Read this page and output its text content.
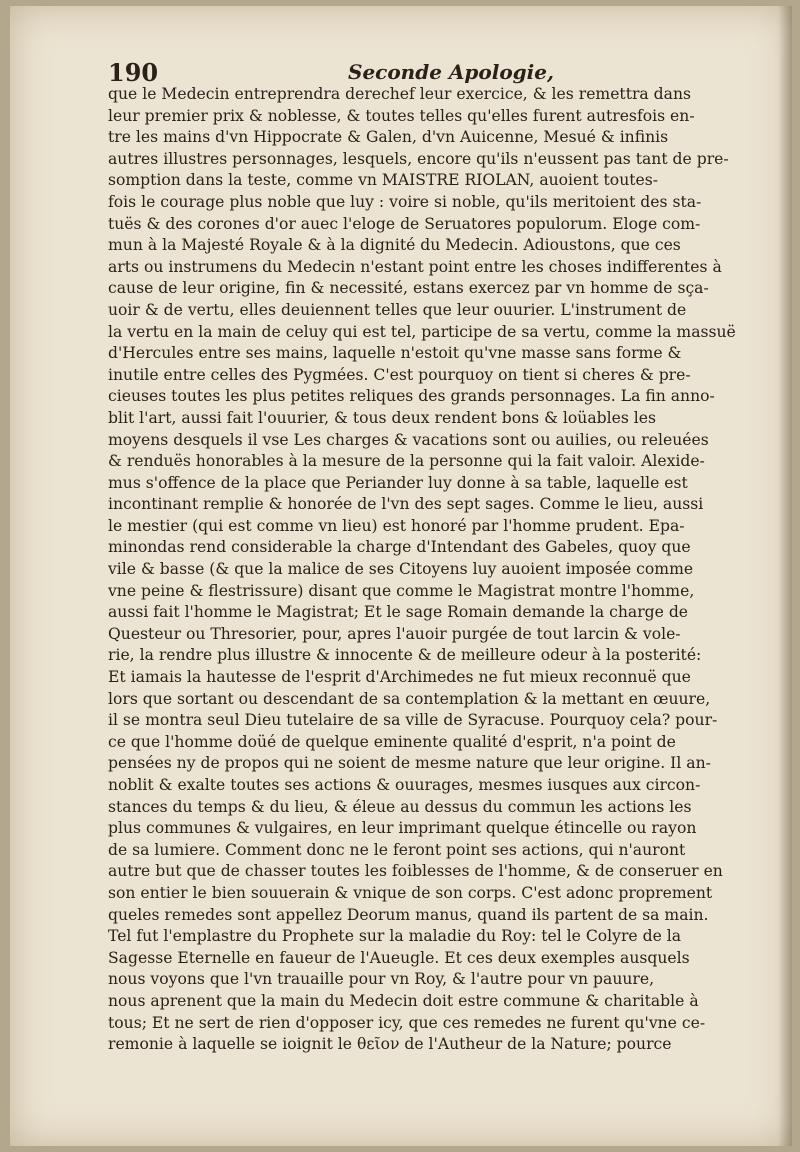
190	Seconde Apologie,
que le Medecin entreprendra derechef leur exercice, & les remettra dans
leur premier prix & noblesse, & toutes telles qu'elles furent autresfois en-
tre les mains d'vn Hippocrate & Galen, d'vn Auicenne, Mesué & infinis
autres illustres personnages, lesquels, encore qu'ils n'eussent pas tant de pre-
somption dans la teste, comme vn MAISTRE RIOLAN, auoient toutes-
fois le courage plus noble que luy : voire si noble, qu'ils meritoient des sta-
tuës & des corones d'or auec l'eloge de Seruatores populorum. Eloge com-
mun à la Majesté Royale & à la dignité du Medecin. Adioustons, que ces
arts ou instrumens du Medecin n'estant point entre les choses indifferentes à
cause de leur origine, fin & necessité, estans exercez par vn homme de sça-
uoir & de vertu, elles deuiennent telles que leur ouurier. L'instrument de
la vertu en la main de celuy qui est tel, participe de sa vertu, comme la massuë
d'Hercules entre ses mains, laquelle n'estoit qu'vne masse sans forme &
inutile entre celles des Pygmées. C'est pourquoy on tient si cheres & pre-
cieuses toutes les plus petites reliques des grands personnages. La fin anno-
blit l'art, aussi fait l'ouurier, & tous deux rendent bons & loüables les
moyens desquels il vse Les charges & vacations sont ou auilies, ou releuées
& renduës honorables à la mesure de la personne qui la fait valoir. Alexide-
mus s'offence de la place que Periander luy donne à sa table, laquelle est
incontinant remplie & honorée de l'vn des sept sages. Comme le lieu, aussi
le mestier (qui est comme vn lieu) est honoré par l'homme prudent. Epa-
minondas rend considerable la charge d'Intendant des Gabeles, quoy que
vile & basse (& que la malice de ses Citoyens luy auoient imposée comme
vne peine & flestrissure) disant que comme le Magistrat montre l'homme,
aussi fait l'homme le Magistrat; Et le sage Romain demande la charge de
Questeur ou Thresorier, pour, apres l'auoir purgée de tout larcin & vole-
rie, la rendre plus illustre & innocente & de meilleure odeur à la posterité:
Et iamais la hautesse de l'esprit d'Archimedes ne fut mieux reconnuë que
lors que sortant ou descendant de sa contemplation & la mettant en œuure,
il se montra seul Dieu tutelaire de sa ville de Syracuse. Pourquoy cela? pour-
ce que l'homme doüé de quelque eminente qualité d'esprit, n'a point de
pensées ny de propos qui ne soient de mesme nature que leur origine. Il an-
noblit & exalte toutes ses actions & ouurages, mesmes iusques aux circon-
stances du temps & du lieu, & éleue au dessus du commun les actions les
plus communes & vulgaires, en leur imprimant quelque étincelle ou rayon
de sa lumiere. Comment donc ne le feront point ses actions, qui n'auront
autre but que de chasser toutes les foiblesses de l'homme, & de conseruer en
son entier le bien souuerain & vnique de son corps. C'est adonc proprement
queles remedes sont appellez Deorum manus, quand ils partent de sa main.
Tel fut l'emplastre du Prophete sur la maladie du Roy: tel le Colyre de la
Sagesse Eternelle en faueur de l'Aueugle. Et ces deux exemples ausquels
nous voyons que l'vn trauaille pour vn Roy, & l'autre pour vn pauure,
nous aprenent que la main du Medecin doit estre commune & charitable à
tous; Et ne sert de rien d'opposer icy, que ces remedes ne furent qu'vne ce-
remonie à laquelle se ioignit le θεῖον de l'Autheur de la Nature; pource
